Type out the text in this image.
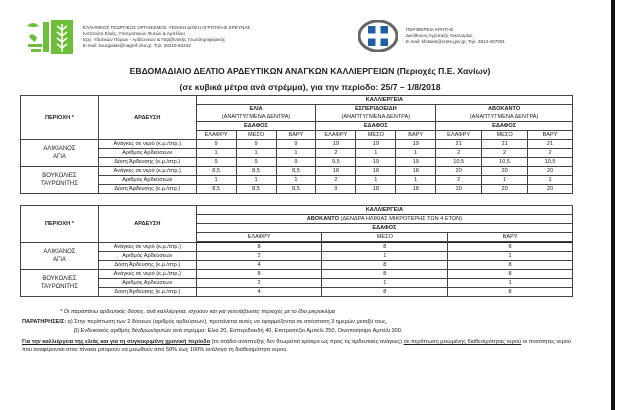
ΕΛΛΗΝΙΚΟΣ ΓΕΩΡΓΙΚΟΣ ΟΡΓΑΝΙΣΜΟΣ -ΓΕΝΙΚΗ Δ/ΝΣΗ ΑΓΡΟΤΙΚΗΣ ΕΡΕΥΝΑΣ
Ινστιτούτο Ελιάς, Υποτροπικών Φυτών & Αμπέλου
Εργ. Υδατικών Πόρων - Αρδεύσεων & Περιβ/ντικής Γεωπληροφορικής
E-mail: kourgialas@nagref-cha.gr, Τηλ. 28210-83442
ΠΕΡΙΦΕΡΕΙΑ ΚΡΗΤΗΣ
Διεύθυνση Αγροτικής Οικονομίας
E-mail: kfotakis@crete.gov.gr, Τηλ. 2813-407901
ΕΒΔΟΜΑΔΙΑΙΟ ΔΕΛΤΙΟ ΑΡΔΕΥΤΙΚΩΝ ΑΝΑΓΚΩΝ ΚΑΛΛΙΕΡΓΕΙΩΝ (Περιοχές Π.Ε. Χανίων)
(σε κυβικά μέτρα ανά στρέμμα), για την περίοδο: 25/7 – 1/8/2018
ΠΕΡΙΟΧΗ *	ΑΡΔΕΥΣΗ	ΚΑΛΛΙΕΡΓΕΙΑ								
		ΕΛΙΑ			ΕΣΠΕΡΙΔΟΕΙΔΗ			ΑΒΟΚΑΝΤΟ		
		(ΑΝΑΠΤΥΓΜΕΝΑ ΔΕΝΤΡΑ)			(ΑΝΑΠΤΥΓΜΕΝΑ ΔΕΝΤΡΑ)			(ΑΝΑΠΤΥΓΜΕΝΑ ΔΕΝΤΡΑ)		
		ΕΔΑΦΟΣ			ΕΔΑΦΟΣ			ΕΔΑΦΟΣ		
		ΕΛΑΦΡΥ	ΜΕΣΟ	ΒΑΡΥ	ΕΛΑΦΡΥ	ΜΕΣΟ	ΒΑΡΥ	ΕΛΑΦΡΥ	ΜΕΣΟ	ΒΑΡΥ

ΑΛΙΚΙΑΝΟΣ
ΑΓΙΑ	Ανάγκες σε νερό (κ.μ./στρ.)	9	9	9	19	19	19	21	21	21
	Αριθμός Αρδεύσεων	1	1	1	2	1	1	2	2	2
	Δόση Άρδευσης (κ.μ./στρ.)	9	9	9	9,5	19	19	10,5	10,5	10,5

ΒΟΥΚΟΛΙΕΣ
ΤΑΥΡΩΝΙΤΗΣ	Ανάγκες σε νερό (κ.μ./στρ.)	8,5	8,5	8,5	18	18	18	20	20	20
	Αριθμός Αρδεύσεων	1	1	1	2	1	1	2	1	1
	Δόση Άρδευσης (κ.μ./στρ.)	8,5	8,5	8,5	9	18	18	10	20	20
ΠΕΡΙΟΧΗ *	ΑΡΔΕΥΣΗ	ΚΑΛΛΙΕΡΓΕΙΑ		
		ΑΒΟΚΑΝΤΟ (ΔΕΝΔΡΑ ΗΛΙΚΙΑΣ ΜΙΚΡΟΤΕΡΗΣ ΤΩΝ 4 ΕΤΩΝ)		
		ΕΔΑΦΟΣ		
		ΕΛΑΦΡΥ	ΜΕΣΟ	ΒΑΡΥ

ΑΛΙΚΙΑΝΟΣ
ΑΓΙΑ	Ανάγκες σε νερό (κ.μ./στρ.)	8	8	8
	Αριθμός Αρδεύσεων	2	1	1
	Δόση Άρδευσης (κ.μ./στρ.)	4	8	8

ΒΟΥΚΟΛΙΕΣ
ΤΑΥΡΩΝΙΤΗΣ	Ανάγκες σε νερό (κ.μ./στρ.)	8	8	8
	Αριθμός Αρδεύσεων	2	1	1
	Δόση Άρδευσης (κ.μ./στρ.)	4	8	8
* Οι παραπάνω αρδευτικές δόσεις, ανά καλλιέργεια, ισχύουν και για γειτνιάζουσες περιοχές με το ίδιο μικροκλίμα
ΠΑΡΑΤΗΡΗΣΕΙΣ: α) Στην περίπτωση των 2 δόσεων (αριθμός αρδεύσεων), προτείνεται αυτές να εφαρμόζονται σε απόσταση 3 ημερών μεταξύ τους.
β) Ενδεικτικός αριθμός δένδρων/φυτών ανά στρέμμα: Ελιά 20, Εσπεριδοειδή 40, Επιτραπέζιο Αμπέλι 250, Οινοποιήσιμο Αμπέλι 300.
Για την καλλιέργεια της ελιάς και για τη συγκεκριμένη χρονική περίοδο (το στάδιο ανάπτυξης δεν θεωρείται κρίσιμο ως προς τις αρδευτικές ανάγκες) σε περίπτωση μειωμένης διαθεσιμότητας νερού οι ποσότητες νερού που αναφέρονται στον πίνακα μπορούν να μειωθούν από 50% έως 100% ανάλογα τη διαθεσιμότητα νερού.
